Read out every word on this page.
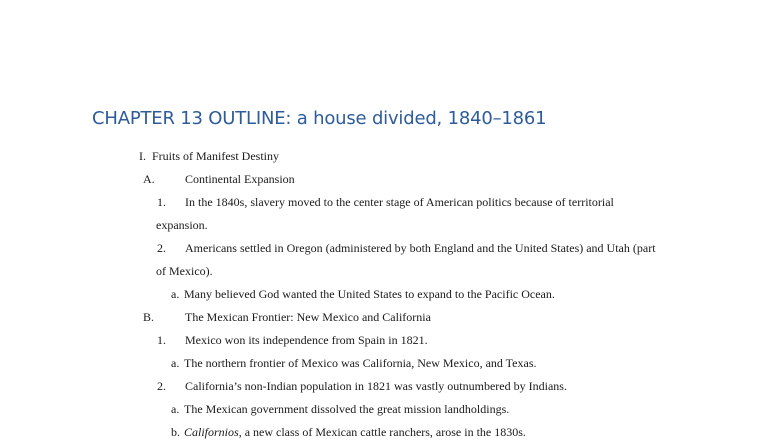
CHAPTER 13 OUTLINE: a house divided, 1840–1861
I. Fruits of Manifest Destiny
A.	Continental Expansion
1. In the 1840s, slavery moved to the center stage of American politics because of territorial
expansion.
2. Americans settled in Oregon (administered by both England and the United States) and Utah (part
of Mexico).
a. Many believed God wanted the United States to expand to the Pacific Ocean.
B.	The Mexican Frontier: New Mexico and California
1. Mexico won its independence from Spain in 1821.
a. The northern frontier of Mexico was California, New Mexico, and Texas.
2. California’s non-Indian population in 1821 was vastly outnumbered by Indians.
a. The Mexican government dissolved the great mission landholdings.
b. Californios, a new class of Mexican cattle ranchers, arose in the 1830s.
